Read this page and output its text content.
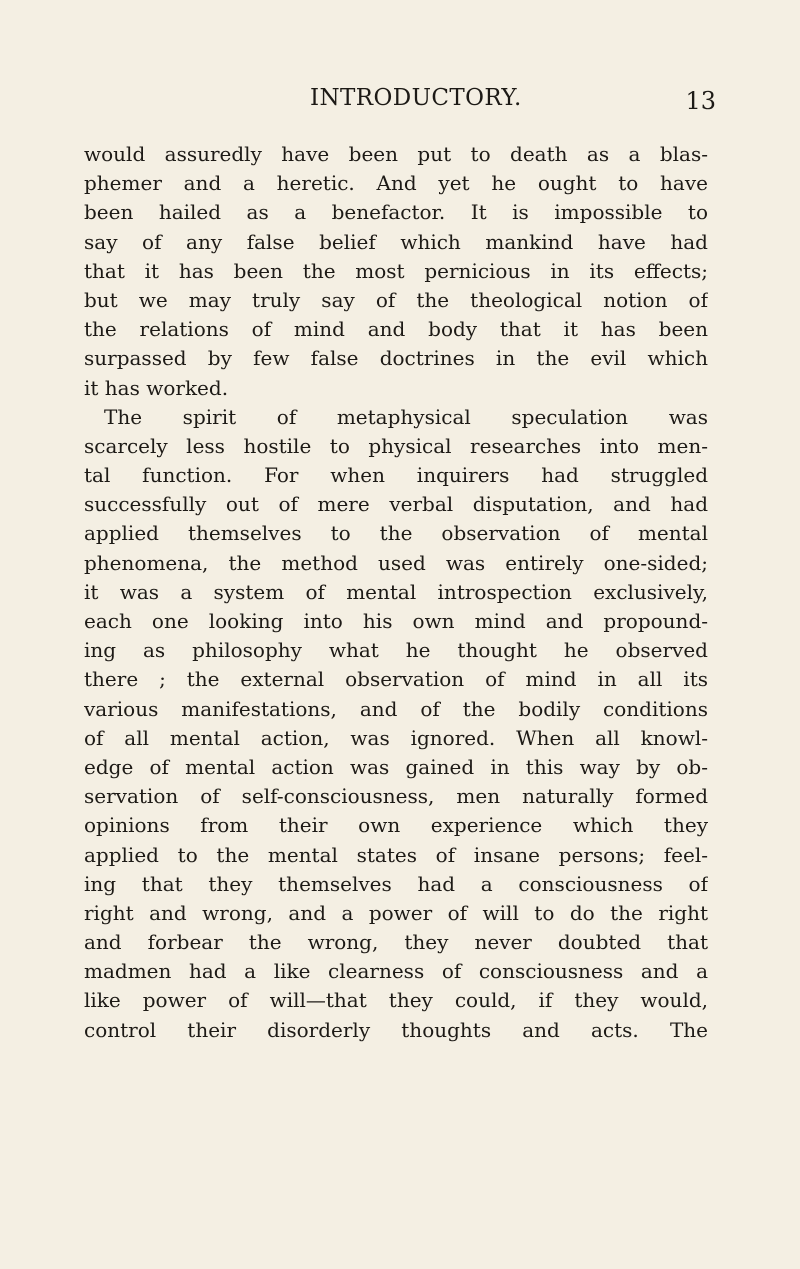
INTRODUCTORY.	13
would assuredly have been put to death as a blas-
phemer and a heretic. And yet he ought to have
been hailed as a benefactor. It is impossible to
say of any false belief which mankind have had
that it has been the most pernicious in its effects;
but we may truly say of the theological notion of
the relations of mind and body that it has been
surpassed by few false doctrines in the evil which
it has worked.
The spirit of metaphysical speculation was
scarcely less hostile to physical researches into men-
tal function. For when inquirers had struggled
successfully out of mere verbal disputation, and had
applied themselves to the observation of mental
phenomena, the method used was entirely one-sided;
it was a system of mental introspection exclusively,
each one looking into his own mind and propound-
ing as philosophy what he thought he observed
there ; the external observation of mind in all its
various manifestations, and of the bodily conditions
of all mental action, was ignored. When all knowl-
edge of mental action was gained in this way by ob-
servation of self-consciousness, men naturally formed
opinions from their own experience which they
applied to the mental states of insane persons; feel-
ing that they themselves had a consciousness of
right and wrong, and a power of will to do the right
and forbear the wrong, they never doubted that
madmen had a like clearness of consciousness and a
like power of will—that they could, if they would,
control their disorderly thoughts and acts. The
